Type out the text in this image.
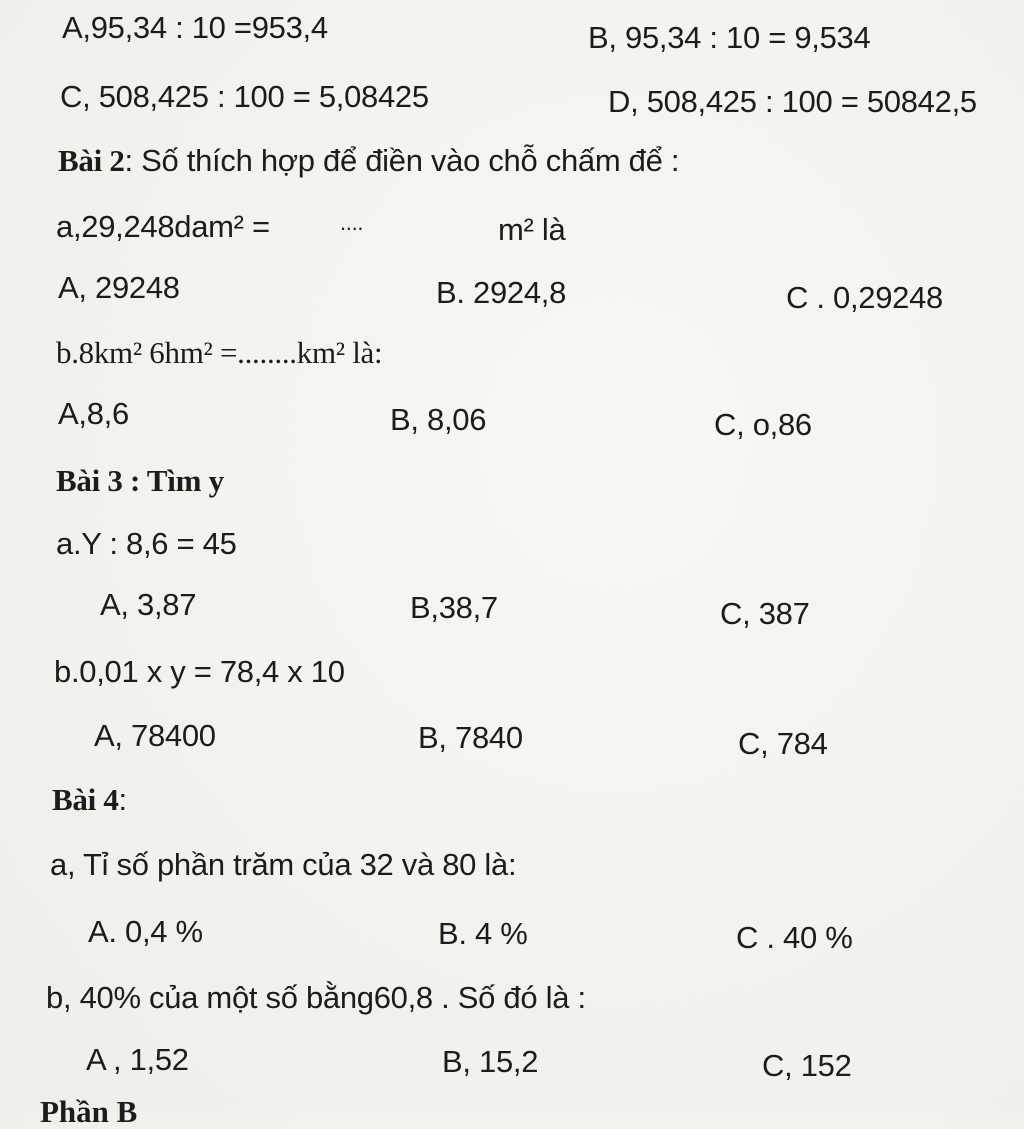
A,95,34 : 10 =953,4	B, 95,34 : 10 = 9,534
C, 508,425 : 100 = 5,08425	D, 508,425 : 100 = 50842,5
Bài 2: Số thích hợp để điền vào chỗ chấm để :
a,29,248dam² =	....	m² là
A, 29248	B. 2924,8	C . 0,29248
b.8km² 6hm² =........km² là:
A,8,6	B, 8,06	C, o,86
Bài 3 : Tìm y
a.Y : 8,6 = 45
A, 3,87	B,38,7	C, 387
b.0,01 x y = 78,4 x 10
A, 78400	B, 7840	C, 784
Bài 4:
a, Tỉ số phần trăm của 32 và 80 là:
A. 0,4 %	B. 4 %	C . 40 %
b, 40% của một số bằng60,8 . Số đó là :
A , 1,52	B, 15,2	C, 152
Phần B
